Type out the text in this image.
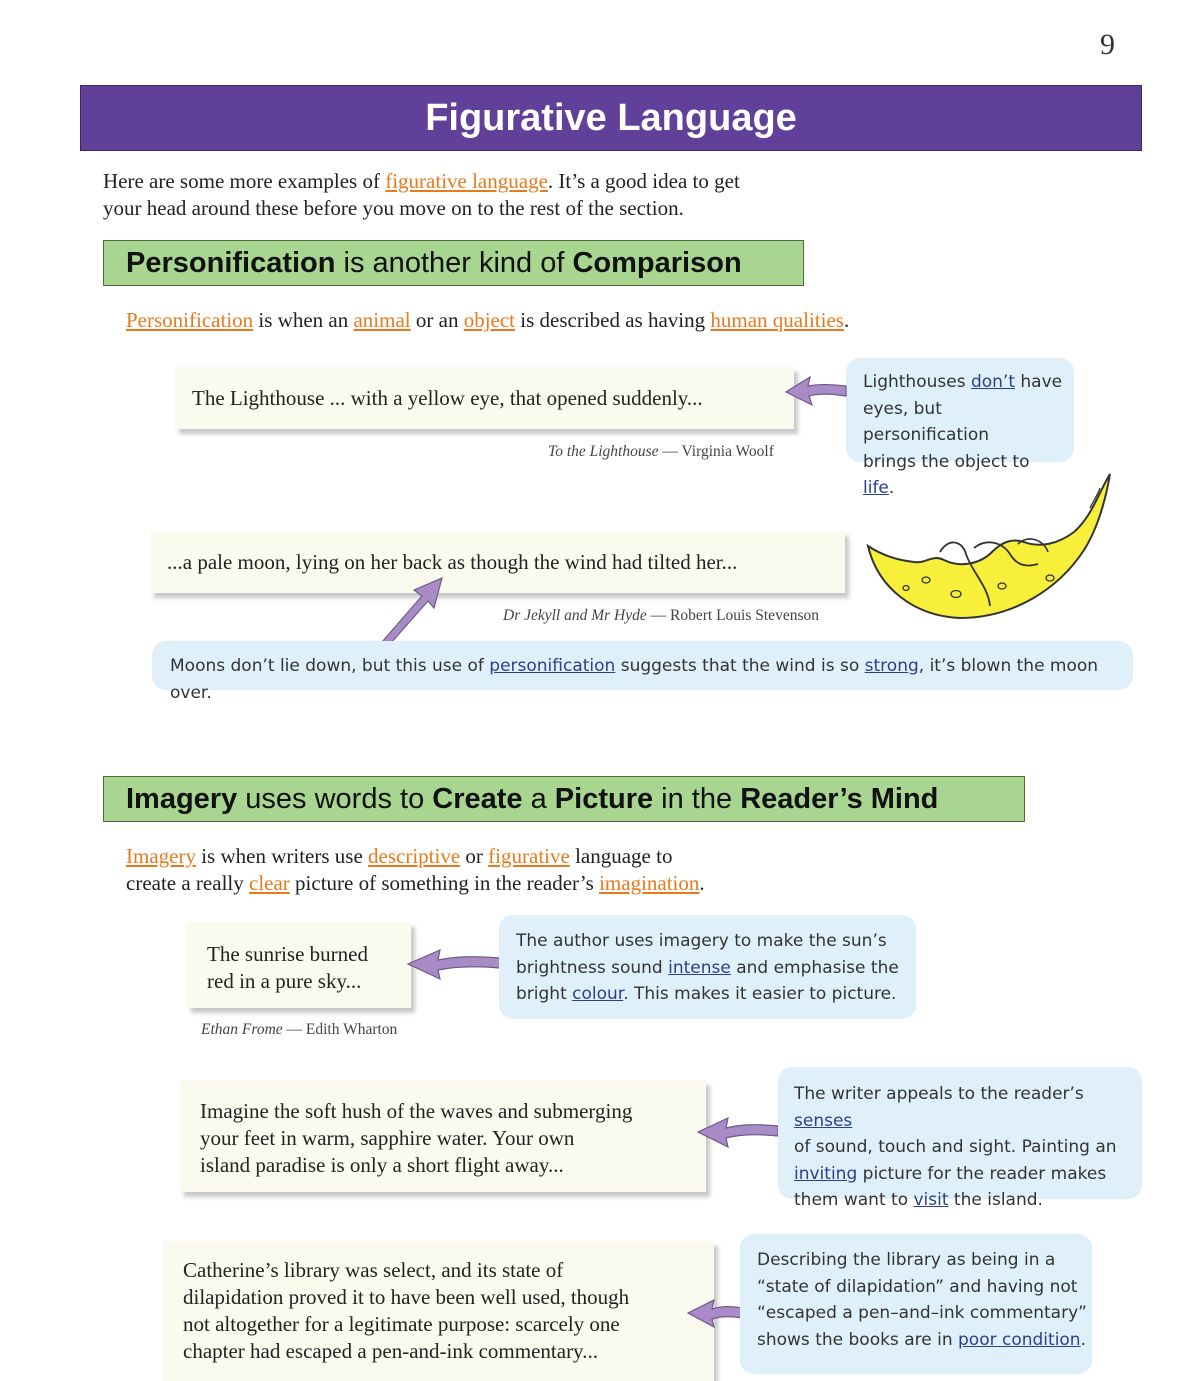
9
Figurative Language
Here are some more examples of figurative language. It’s a good idea to get
your head around these before you move on to the rest of the section.
Personification is another kind of Comparison
Personification is when an animal or an object is described as having human qualities.
The Lighthouse ... with a yellow eye, that opened suddenly...
To the Lighthouse — Virginia Woolf
Lighthouses don’t have
eyes, but personification
brings the object to life.
...a pale moon, lying on her back as though the wind had tilted her...
Dr Jekyll and Mr Hyde — Robert Louis Stevenson
Moons don’t lie down, but this use of personification suggests that the wind is so strong, it’s blown the moon over.
Imagery uses words to Create a Picture in the Reader’s Mind
Imagery is when writers use descriptive or figurative language to
create a really clear picture of something in the reader’s imagination.
The sunrise burned
red in a pure sky...
Ethan Frome — Edith Wharton
The author uses imagery to make the sun’s
brightness sound intense and emphasise the
bright colour. This makes it easier to picture.
Imagine the soft hush of the waves and submerging
your feet in warm, sapphire water. Your own
island paradise is only a short flight away...
The writer appeals to the reader’s senses
of sound, touch and sight. Painting an
inviting picture for the reader makes
them want to visit the island.
Catherine’s library was select, and its state of
dilapidation proved it to have been well used, though
not altogether for a legitimate purpose: scarcely one
chapter had escaped a pen-and-ink commentary...
Describing the library as being in a
“state of dilapidation” and having not
“escaped a pen–and–ink commentary”
shows the books are in poor condition.
